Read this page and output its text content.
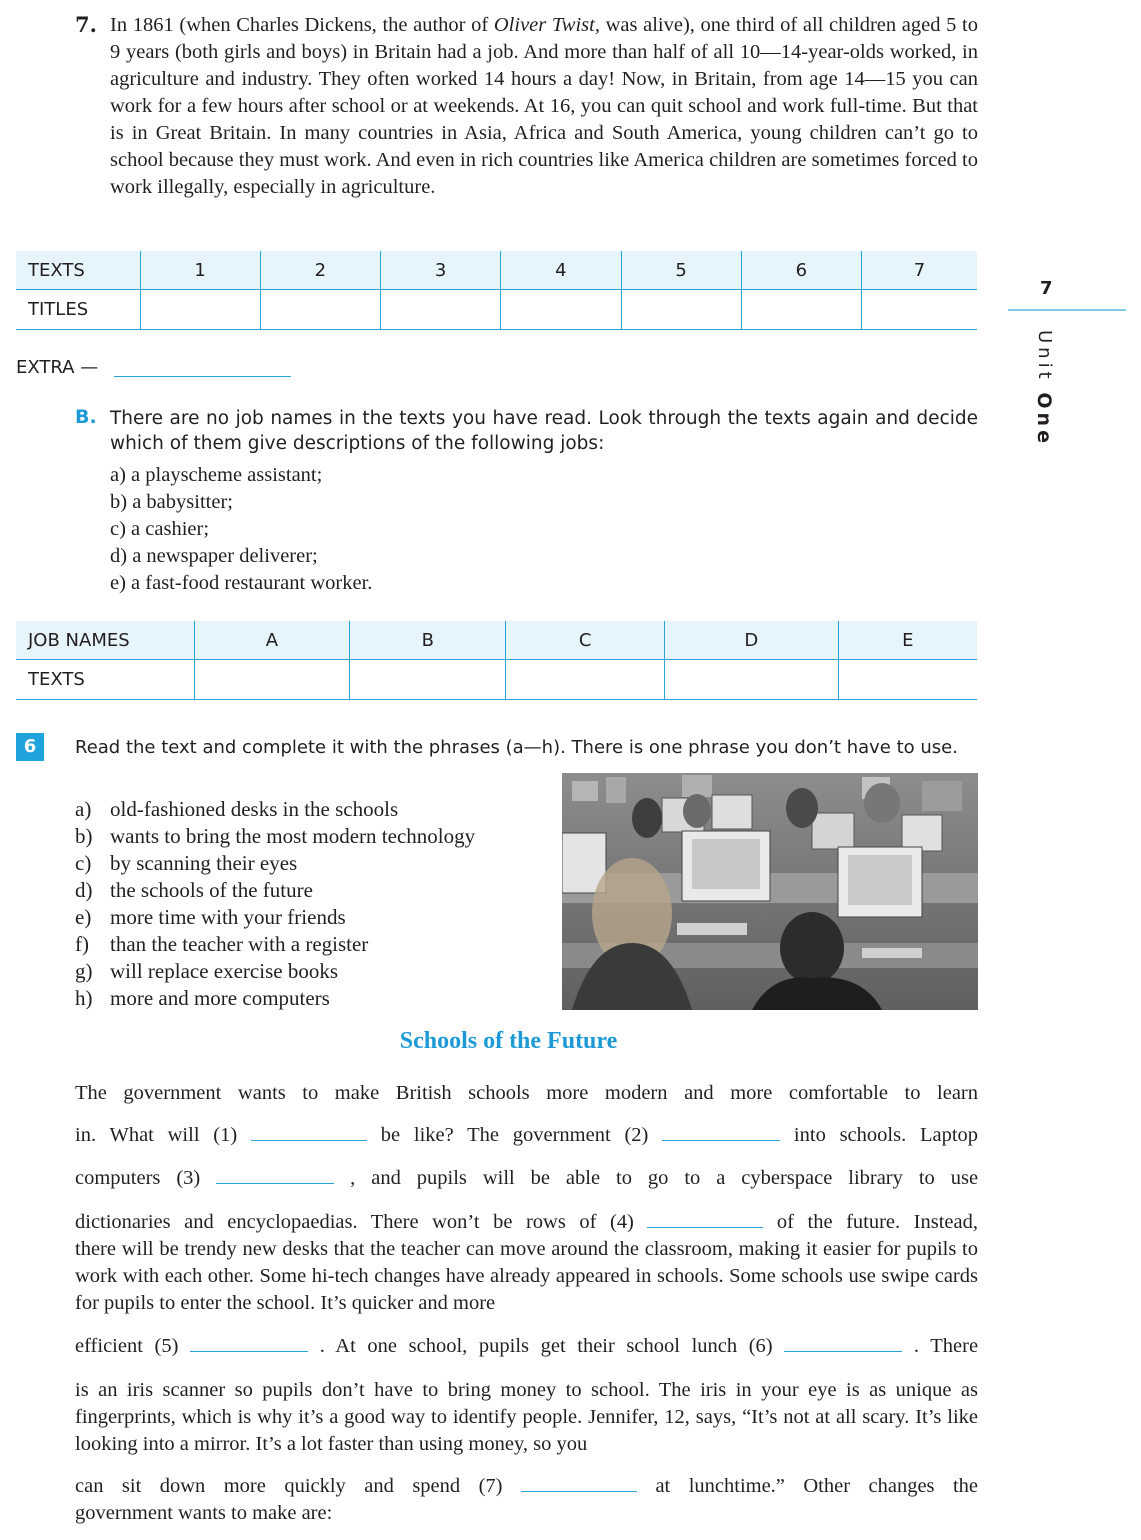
7. In 1861 (when Charles Dickens, the author of Oliver Twist, was alive), one third of all children aged 5 to 9 years (both girls and boys) in Britain had a job. And more than half of all 10—14-year-olds worked, in agriculture and industry. They often worked 14 hours a day! Now, in Britain, from age 14—15 you can work for a few hours after school or at weekends. At 16, you can quit school and work full-time. But that is in Great Britain. In many countries in Asia, Africa and South America, young children can’t go to school because they must work. And even in rich countries like America children are sometimes forced to work illegally, especially in agriculture.
TEXTS	1	2	3	4	5	6	7
TITLES							
EXTRA —
B. There are no job names in the texts you have read. Look through the texts again and decide which of them give descriptions of the following jobs:
a) a playscheme assistant;
b) a babysitter;
c) a cashier;
d) a newspaper deliverer;
e) a fast-food restaurant worker.
JOB NAMES	A	B	C	D	E
TEXTS					
6	Read the text and complete it with the phrases (a—h). There is one phrase you don’t have to use.
a) old-fashioned desks in the schools
b) wants to bring the most modern technology
c) by scanning their eyes
d) the schools of the future
e) more time with your friends
f) than the teacher with a register
g) will replace exercise books
h) more and more computers
Schools of the Future
The government wants to make British schools more modern and more comfortable to learn
in. What will (1)	be like? The government (2)	into schools. Laptop
computers (3)	, and pupils will be able to go to a cyberspace library to use
dictionaries and encyclopaedias. There won’t be rows of (4)	of the future. Instead,
there will be trendy new desks that the teacher can move around the classroom, making it easier for pupils to work with each other. Some hi-tech changes have already appeared in schools. Some schools use swipe cards for pupils to enter the school. It’s quicker and more
efficient (5)	. At one school, pupils get their school lunch (6)	. There
is an iris scanner so pupils don’t have to bring money to school. The iris in your eye is as unique as fingerprints, which is why it’s a good way to identify people. Jennifer, 12, says, “It’s not at all scary. It’s like looking into a mirror. It’s a lot faster than using money, so you
can sit down more quickly and spend (7)	at lunchtime.” Other changes the
government wants to make are:
7
Unit One
